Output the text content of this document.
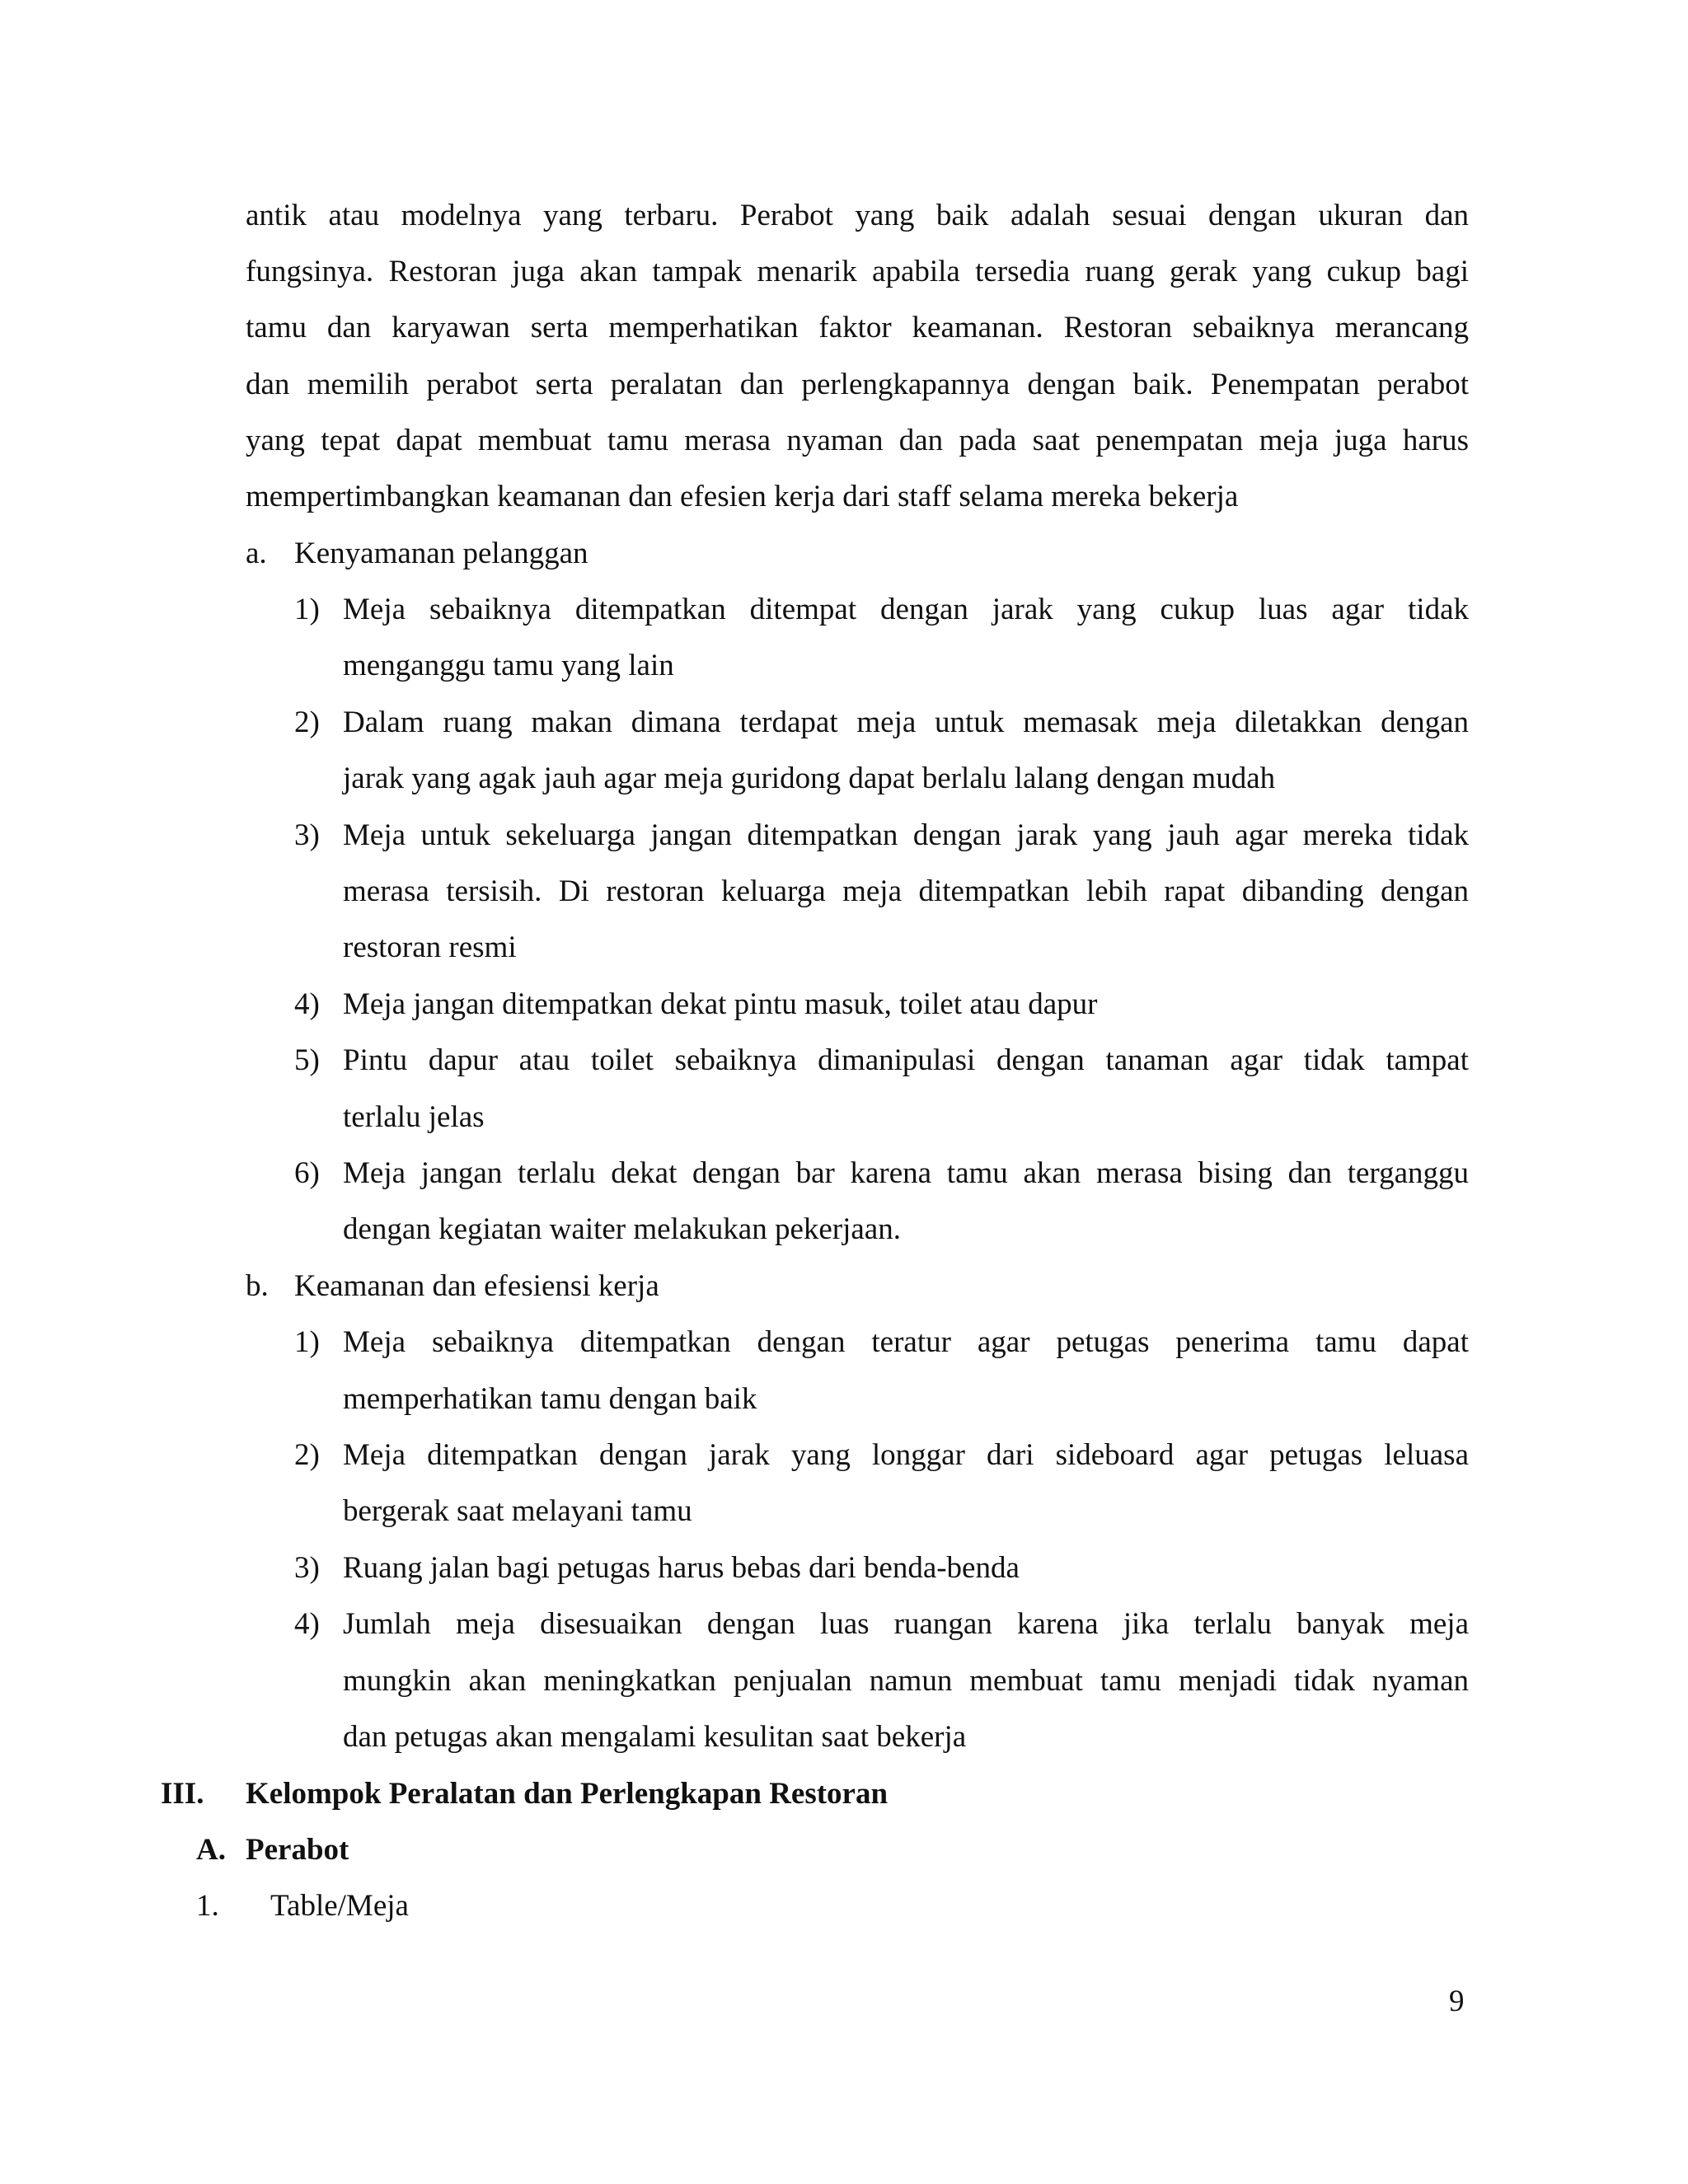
antik atau modelnya yang terbaru. Perabot yang baik adalah sesuai dengan ukuran dan
fungsinya. Restoran juga akan tampak menarik apabila tersedia ruang gerak yang cukup bagi
tamu dan karyawan serta memperhatikan faktor keamanan. Restoran sebaiknya merancang
dan memilih perabot serta peralatan dan perlengkapannya dengan baik. Penempatan perabot
yang tepat dapat membuat tamu merasa nyaman dan pada saat penempatan meja juga harus
mempertimbangkan keamanan dan efesien kerja dari staff selama mereka bekerja
a. Kenyamanan pelanggan
1) Meja sebaiknya ditempatkan ditempat dengan jarak yang cukup luas agar tidak
menganggu tamu yang lain
2) Dalam ruang makan dimana terdapat meja untuk memasak meja diletakkan dengan
jarak yang agak jauh agar meja guridong dapat berlalu lalang dengan mudah
3) Meja untuk sekeluarga jangan ditempatkan dengan jarak yang jauh agar mereka tidak
merasa tersisih. Di restoran keluarga meja ditempatkan lebih rapat dibanding dengan
restoran resmi
4) Meja jangan ditempatkan dekat pintu masuk, toilet atau dapur
5) Pintu dapur atau toilet sebaiknya dimanipulasi dengan tanaman agar tidak tampat
terlalu jelas
6) Meja jangan terlalu dekat dengan bar karena tamu akan merasa bising dan terganggu
dengan kegiatan waiter melakukan pekerjaan.
b. Keamanan dan efesiensi kerja
1) Meja sebaiknya ditempatkan dengan teratur agar petugas penerima tamu dapat
memperhatikan tamu dengan baik
2) Meja ditempatkan dengan jarak yang longgar dari sideboard agar petugas leluasa
bergerak saat melayani tamu
3) Ruang jalan bagi petugas harus bebas dari benda-benda
4) Jumlah meja disesuaikan dengan luas ruangan karena jika terlalu banyak meja
mungkin akan meningkatkan penjualan namun membuat tamu menjadi tidak nyaman
dan petugas akan mengalami kesulitan saat bekerja
III. Kelompok Peralatan dan Perlengkapan Restoran
A. Perabot
1. Table/Meja
9
